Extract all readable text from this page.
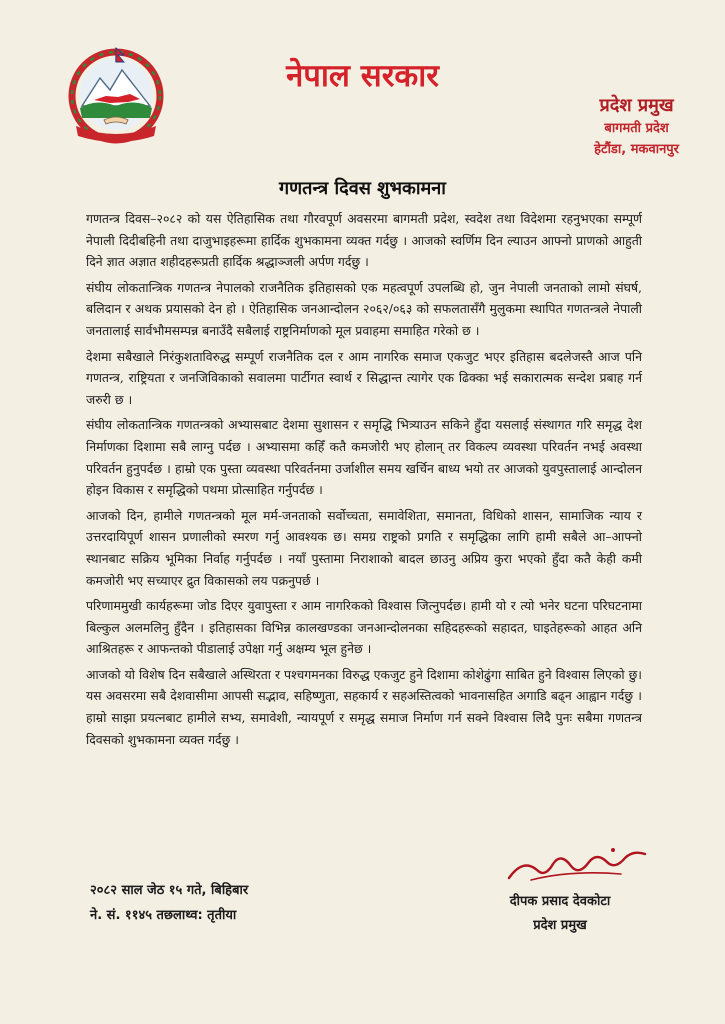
नेपाल सरकार
प्रदेश प्रमुख
बागमती प्रदेश
हेटौंडा, मकवानपुर
गणतन्त्र दिवस शुभकामना

गणतन्त्र दिवस–२०८२ को यस ऐतिहासिक तथा गौरवपूर्ण अवसरमा बागमती प्रदेश, स्वदेश तथा विदेशमा रहनुभएका सम्पूर्ण नेपाली दिदीबहिनी तथा दाजुभाइहरूमा हार्दिक शुभकामना व्यक्त गर्दछु । आजको स्वर्णिम दिन ल्याउन आफ्नो प्राणको आहुती दिने ज्ञात अज्ञात शहीदहरूप्रती हार्दिक श्रद्धाञ्जली अर्पण गर्दछु ।

संघीय लोकतान्त्रिक गणतन्त्र नेपालको राजनैतिक इतिहासको एक महत्वपूर्ण उपलब्धि हो, जुन नेपाली जनताको लामो संघर्ष, बलिदान र अथक प्रयासको देन हो । ऐतिहासिक जनआन्दोलन २०६२/०६३ को सफलतासँगै मुलुकमा स्थापित गणतन्त्रले नेपाली जनतालाई सार्वभौमसम्पन्न बनाउँदै सबैलाई राष्ट्रनिर्माणको मूल प्रवाहमा समाहित गरेको छ ।

देशमा सबैखाले निरंकुशताविरुद्ध सम्पूर्ण राजनैतिक दल र आम नागरिक समाज एकजुट भएर इतिहास बदलेजस्तै आज पनि गणतन्त्र, राष्ट्रियता र जनजिविकाको सवालमा पार्टीगत स्वार्थ र सिद्धान्त त्यागेर एक ढिक्का भई सकारात्मक सन्देश प्रबाह गर्न जरुरी छ ।

संघीय लोकतान्त्रिक गणतन्त्रको अभ्यासबाट देशमा सुशासन र समृद्धि भित्र्याउन सकिने हुँदा यसलाई संस्थागत गरि समृद्ध देश निर्माणका दिशामा सबै लाग्नु पर्दछ । अभ्यासमा कहिँ कतै कमजोरी भए होलान् तर विकल्प व्यवस्था परिवर्तन नभई अवस्था परिवर्तन हुनुपर्दछ । हाम्रो एक पुस्ता व्यवस्था परिवर्तनमा उर्जाशील समय खर्चिन बाध्य भयो तर आजको युवपुस्तालाई आन्दोलन होइन विकास र समृद्धिको पथमा प्रोत्साहित गर्नुपर्दछ ।

आजको दिन, हामीले गणतन्त्रको मूल मर्म-जनताको सर्वोच्चता, समावेशिता, समानता, विधिको शासन, सामाजिक न्याय र उत्तरदायिपूर्ण शासन प्रणालीको स्मरण गर्नु आवश्यक छ। समग्र राष्ट्रको प्रगति र समृद्धिका लागि हामी सबैले आ–आफ्नो स्थानबाट सक्रिय भूमिका निर्वाह गर्नुपर्दछ । नयाँ पुस्तामा निराशाको बादल छाउनु अप्रिय कुरा भएको हुँदा कतै केही कमी कमजोरी भए सच्याएर द्रुत विकासको लय पक्रनुपर्छ ।

परिणाममुखी कार्यहरूमा जोड दिएर युवापुस्ता र आम नागरिकको विश्वास जित्नुपर्दछ। हामी यो र त्यो भनेर घटना परिघटनामा बिल्कुल अलमलिनु हुँदैन । इतिहासका विभिन्न कालखण्डका जनआन्दोलनका सहिदहरूको सहादत, घाइतेहरूको आहत अनि आश्रितहरू र आफन्तको पीडालाई उपेक्षा गर्नु अक्षम्य भूल हुनेछ ।

आजको यो विशेष दिन सबैखाले अस्थिरता र पश्चगमनका विरुद्ध एकजुट हुने दिशामा कोशेढुंगा साबित हुने विश्वास लिएको छु। यस अवसरमा सबै देशवासीमा आपसी सद्भाव, सहिष्णुता, सहकार्य र सहअस्तित्वको भावनासहित अगाडि बढ्न आह्वान गर्दछु । हाम्रो साझा प्रयत्नबाट हामीले सभ्य, समावेशी, न्यायपूर्ण र समृद्ध समाज निर्माण गर्न सक्ने विश्वास लिदै पुनः सबैमा गणतन्त्र दिवसको शुभकामना व्यक्त गर्दछु ।

२०८२ साल जेठ १५ गते, बिहिबार
ने. सं. ११४५ तछलाथ्व: तृतीया
दीपक प्रसाद देवकोटा
प्रदेश प्रमुख
